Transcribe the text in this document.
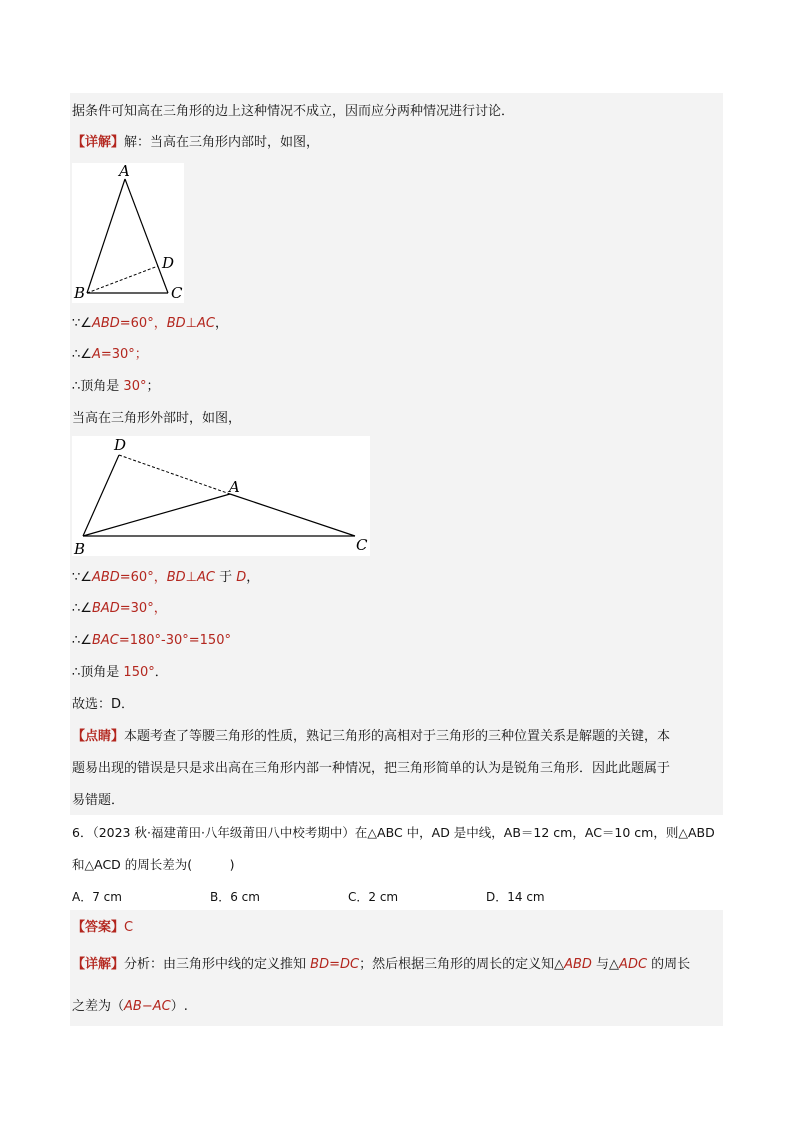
据条件可知高在三角形的边上这种情况不成立，因而应分两种情况进行讨论．
【详解】解：当高在三角形内部时，如图，
A
B	C
D
∵∠ABD=60°，BD⊥AC，
∴∠A=30°；
∴顶角是 30°；
当高在三角形外部时，如图，
D
A
B	C
∵∠ABD=60°，BD⊥AC 于 D，
∴∠BAD=30°，
∴∠BAC=180°-30°=150°
∴顶角是 150°．
故选：D．
【点睛】本题考查了等腰三角形的性质，熟记三角形的高相对于三角形的三种位置关系是解题的关键，本
题易出现的错误是只是求出高在三角形内部一种情况，把三角形简单的认为是锐角三角形．因此此题属于
易错题．
6．（2023 秋·福建莆田·八年级莆田八中校考期中）在△ABC 中，AD 是中线，AB＝12 cm，AC＝10 cm，则△ABD
和△ACD 的周长差为(　　　)
A．7 cm	B．6 cm	C．2 cm	D．14 cm
【答案】C
【详解】分析：由三角形中线的定义推知 BD=DC；然后根据三角形的周长的定义知△ABD 与△ADC 的周长
之差为（AB−AC）.
